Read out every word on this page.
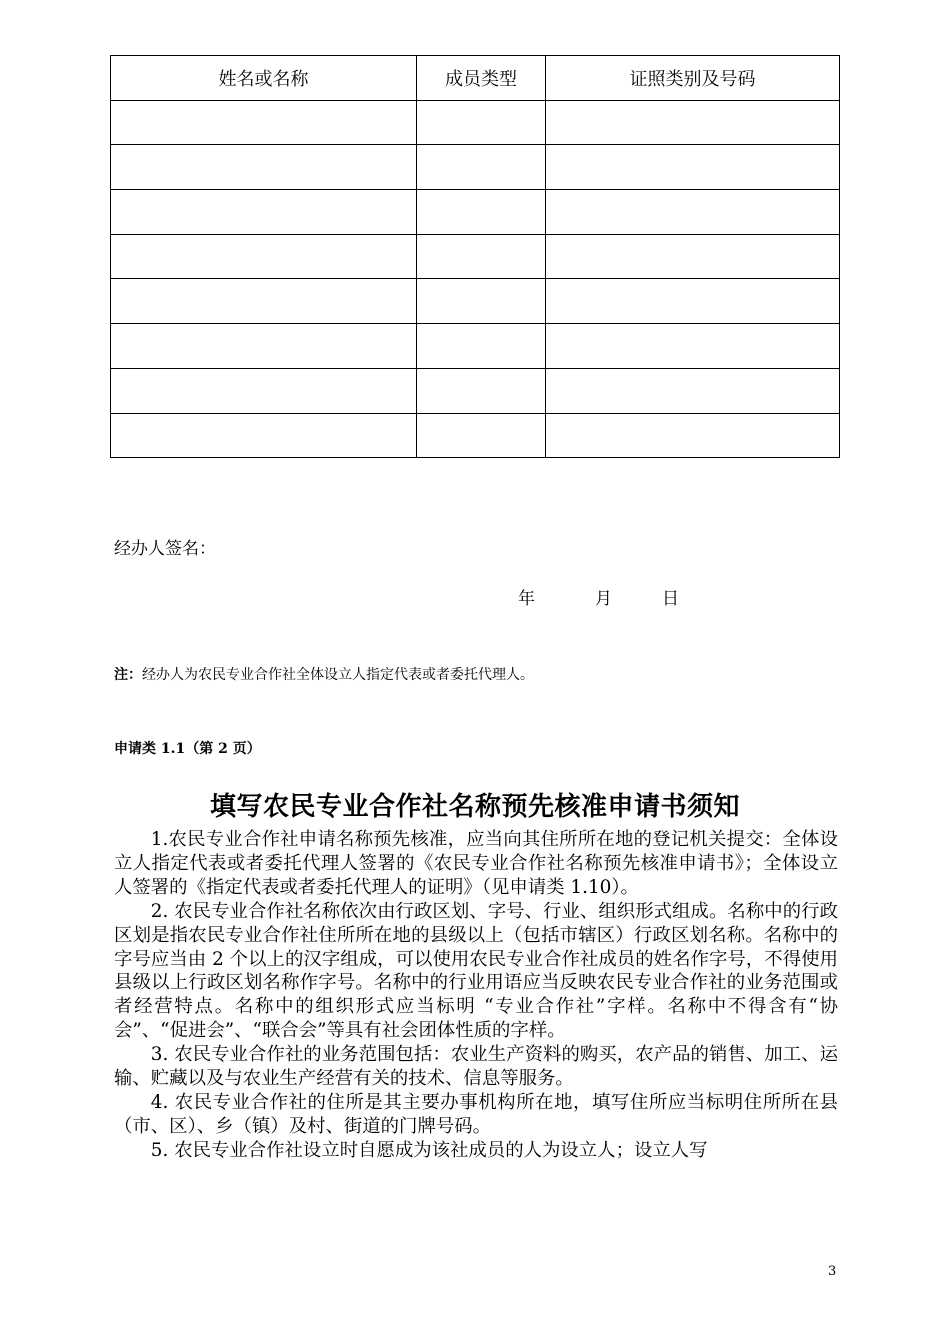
姓名或名称	成员类型	证照类别及号码

经办人签名：
年	月	日
注：经办人为农民专业合作社全体设立人指定代表或者委托代理人。
申请类 1.1（第 2 页）
填写农民专业合作社名称预先核准申请书须知

1.农民专业合作社申请名称预先核准，应当向其住所所在地的登记机关提交：全体设立人指定代表或者委托代理人签署的《农民专业合作社名称预先核准申请书》；全体设立人签署的《指定代表或者委托代理人的证明》（见申请类 1.10）。

2. 农民专业合作社名称依次由行政区划、字号、行业、组织形式组成。名称中的行政区划是指农民专业合作社住所所在地的县级以上（包括市辖区）行政区划名称。名称中的字号应当由 2 个以上的汉字组成，可以使用农民专业合作社成员的姓名作字号，不得使用县级以上行政区划名称作字号。名称中的行业用语应当反映农民专业合作社的业务范围或者经营特点。名称中的组织形式应当标明 “专业合作社”字样。名称中不得含有“协会”、“促进会”、“联合会”等具有社会团体性质的字样。

3. 农民专业合作社的业务范围包括：农业生产资料的购买，农产品的销售、加工、运输、贮藏以及与农业生产经营有关的技术、信息等服务。

4. 农民专业合作社的住所是其主要办事机构所在地，填写住所应当标明住所所在县（市、区）、乡（镇）及村、街道的门牌号码。

5. 农民专业合作社设立时自愿成为该社成员的人为设立人；设立人写

3
